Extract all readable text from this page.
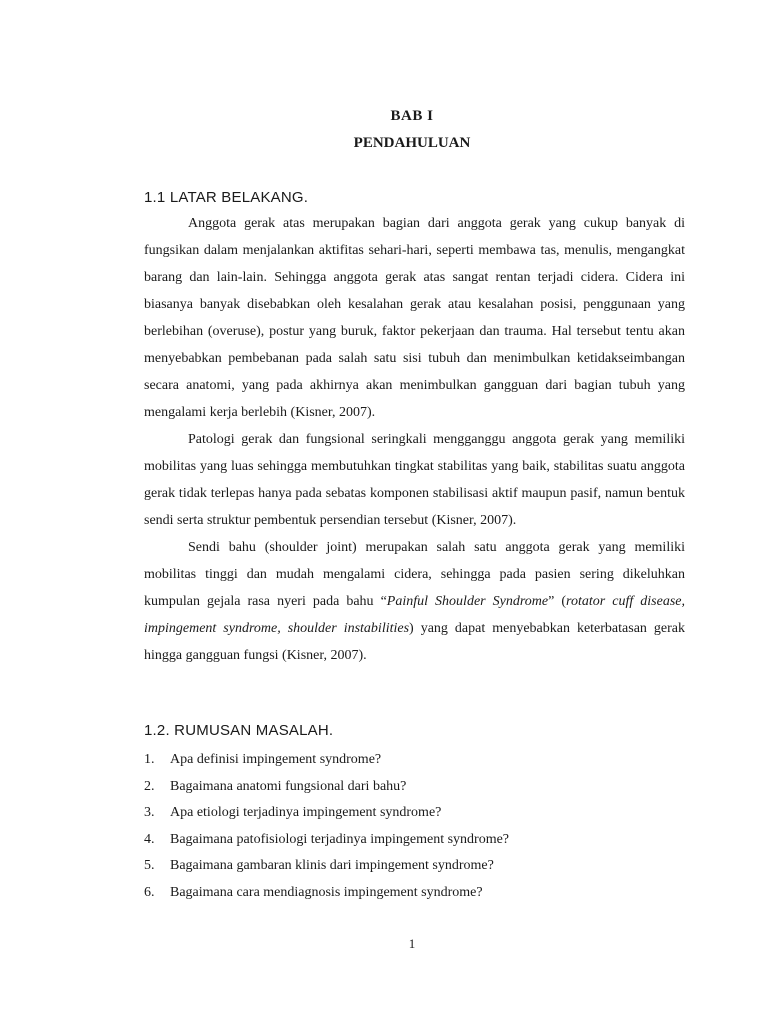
BAB I
PENDAHULUAN
1.1 LATAR BELAKANG.

Anggota gerak atas merupakan bagian dari anggota gerak yang cukup banyak di fungsikan dalam menjalankan aktifitas sehari-hari, seperti membawa tas, menulis, mengangkat barang dan lain-lain. Sehingga anggota gerak atas sangat rentan terjadi cidera. Cidera ini biasanya banyak disebabkan oleh kesalahan gerak atau kesalahan posisi, penggunaan yang berlebihan (overuse), postur yang buruk, faktor pekerjaan dan trauma. Hal tersebut tentu akan menyebabkan pembebanan pada salah satu sisi tubuh dan menimbulkan ketidakseimbangan secara anatomi, yang pada akhirnya akan menimbulkan gangguan dari bagian tubuh yang mengalami kerja berlebih (Kisner, 2007).

Patologi gerak dan fungsional seringkali mengganggu anggota gerak yang memiliki mobilitas yang luas sehingga membutuhkan tingkat stabilitas yang baik, stabilitas suatu anggota gerak tidak terlepas hanya pada sebatas komponen stabilisasi aktif maupun pasif, namun bentuk sendi serta struktur pembentuk persendian tersebut (Kisner, 2007).

Sendi bahu (shoulder joint) merupakan salah satu anggota gerak yang memiliki mobilitas tinggi dan mudah mengalami cidera, sehingga pada pasien sering dikeluhkan kumpulan gejala rasa nyeri pada bahu “Painful Shoulder Syndrome” (rotator cuff disease, impingement syndrome, shoulder instabilities) yang dapat menyebabkan keterbatasan gerak hingga gangguan fungsi (Kisner, 2007).

1.2. RUMUSAN MASALAH.
1.	Apa definisi impingement syndrome?
2.	Bagaimana anatomi fungsional dari bahu?
3.	Apa etiologi terjadinya impingement syndrome?
4.	Bagaimana patofisiologi terjadinya impingement syndrome?
5.	Bagaimana gambaran klinis dari impingement syndrome?
6.	Bagaimana cara mendiagnosis impingement syndrome?
1
